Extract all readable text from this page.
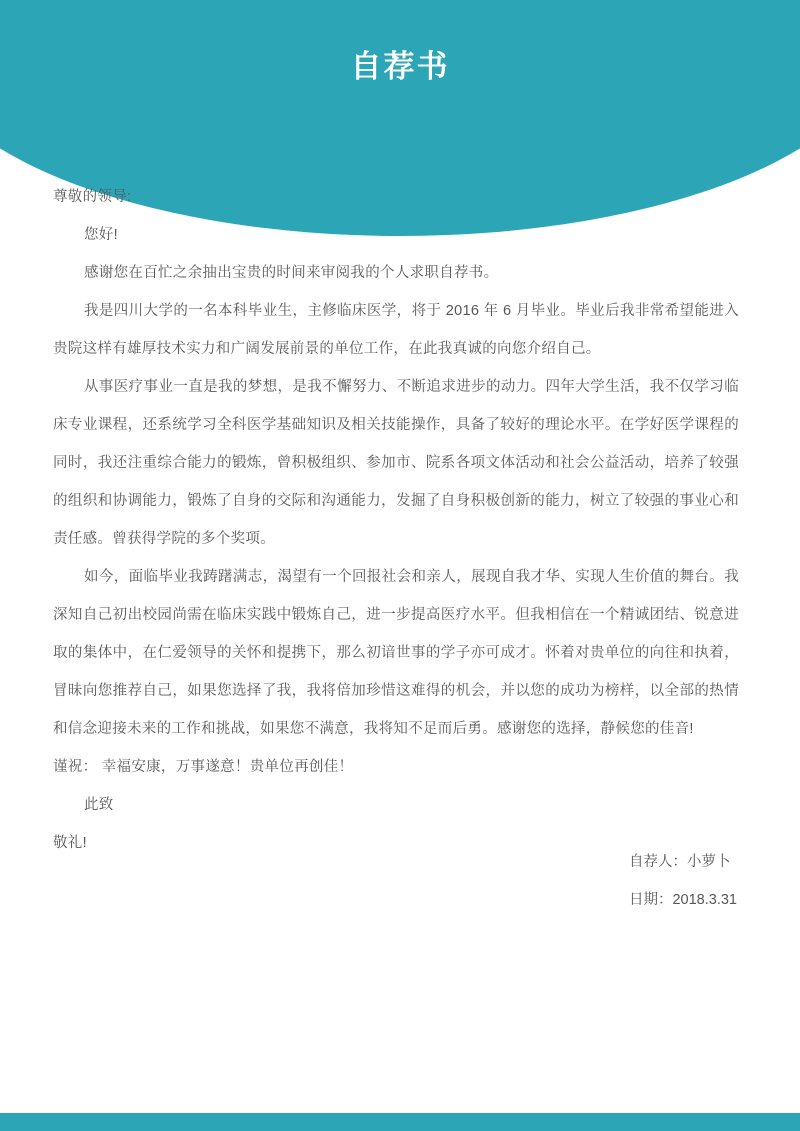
自荐书

尊敬的领导:

您好!

感谢您在百忙之余抽出宝贵的时间来审阅我的个人求职自荐书。

我是四川大学的一名本科毕业生，主修临床医学，将于 2016 年 6 月毕业。毕业后我非常希望能进入贵院这样有雄厚技术实力和广阔发展前景的单位工作，在此我真诚的向您介绍自己。

从事医疗事业一直是我的梦想，是我不懈努力、不断追求进步的动力。四年大学生活，我不仅学习临床专业课程，还系统学习全科医学基础知识及相关技能操作，具备了较好的理论水平。在学好医学课程的同时，我还注重综合能力的锻炼，曾积极组织、参加市、院系各项文体活动和社会公益活动，培养了较强的组织和协调能力，锻炼了自身的交际和沟通能力，发掘了自身积极创新的能力，树立了较强的事业心和责任感。曾获得学院的多个奖项。

如今，面临毕业我踌躇满志，渴望有一个回报社会和亲人，展现自我才华、实现人生价值的舞台。我深知自己初出校园尚需在临床实践中锻炼自己，进一步提高医疗水平。但我相信在一个精诚团结、锐意进取的集体中，在仁爱领导的关怀和提携下，那么初谙世事的学子亦可成才。怀着对贵单位的向往和执着，冒昧向您推荐自己，如果您选择了我，我将倍加珍惜这难得的机会，并以您的成功为榜样，以全部的热情和信念迎接未来的工作和挑战，如果您不满意，我将知不足而后勇。感谢您的选择，静候您的佳音!

谨祝： 幸福安康，万事遂意！贵单位再创佳！

此致

敬礼!

自荐人：小萝卜
日期：2018.3.31
